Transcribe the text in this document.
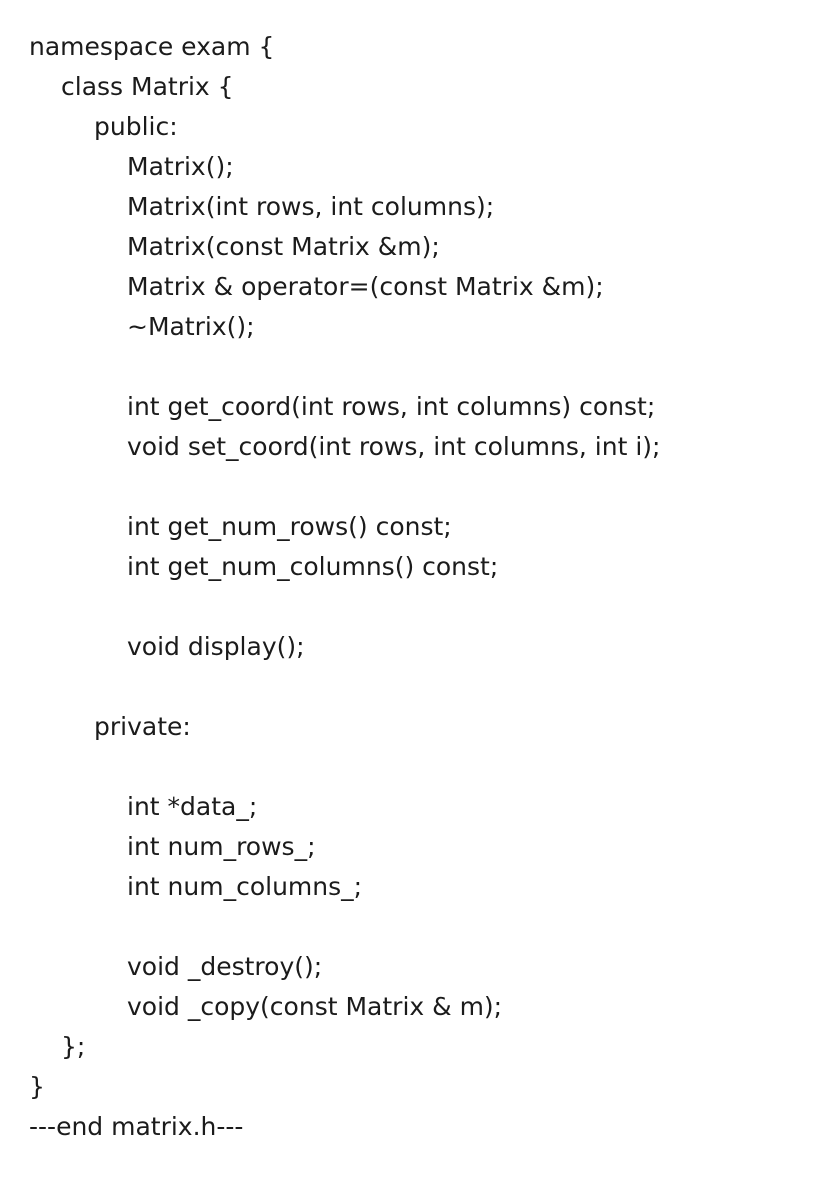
namespace exam {
class Matrix {
public:
Matrix();
Matrix(int rows, int columns);
Matrix(const Matrix &m);
Matrix & operator=(const Matrix &m);
~Matrix();
int get_coord(int rows, int columns) const;
void set_coord(int rows, int columns, int i);
int get_num_rows() const;
int get_num_columns() const;
void display();
private:
int *data_;
int num_rows_;
int num_columns_;
void _destroy();
void _copy(const Matrix & m);
};
}
---end matrix.h---
